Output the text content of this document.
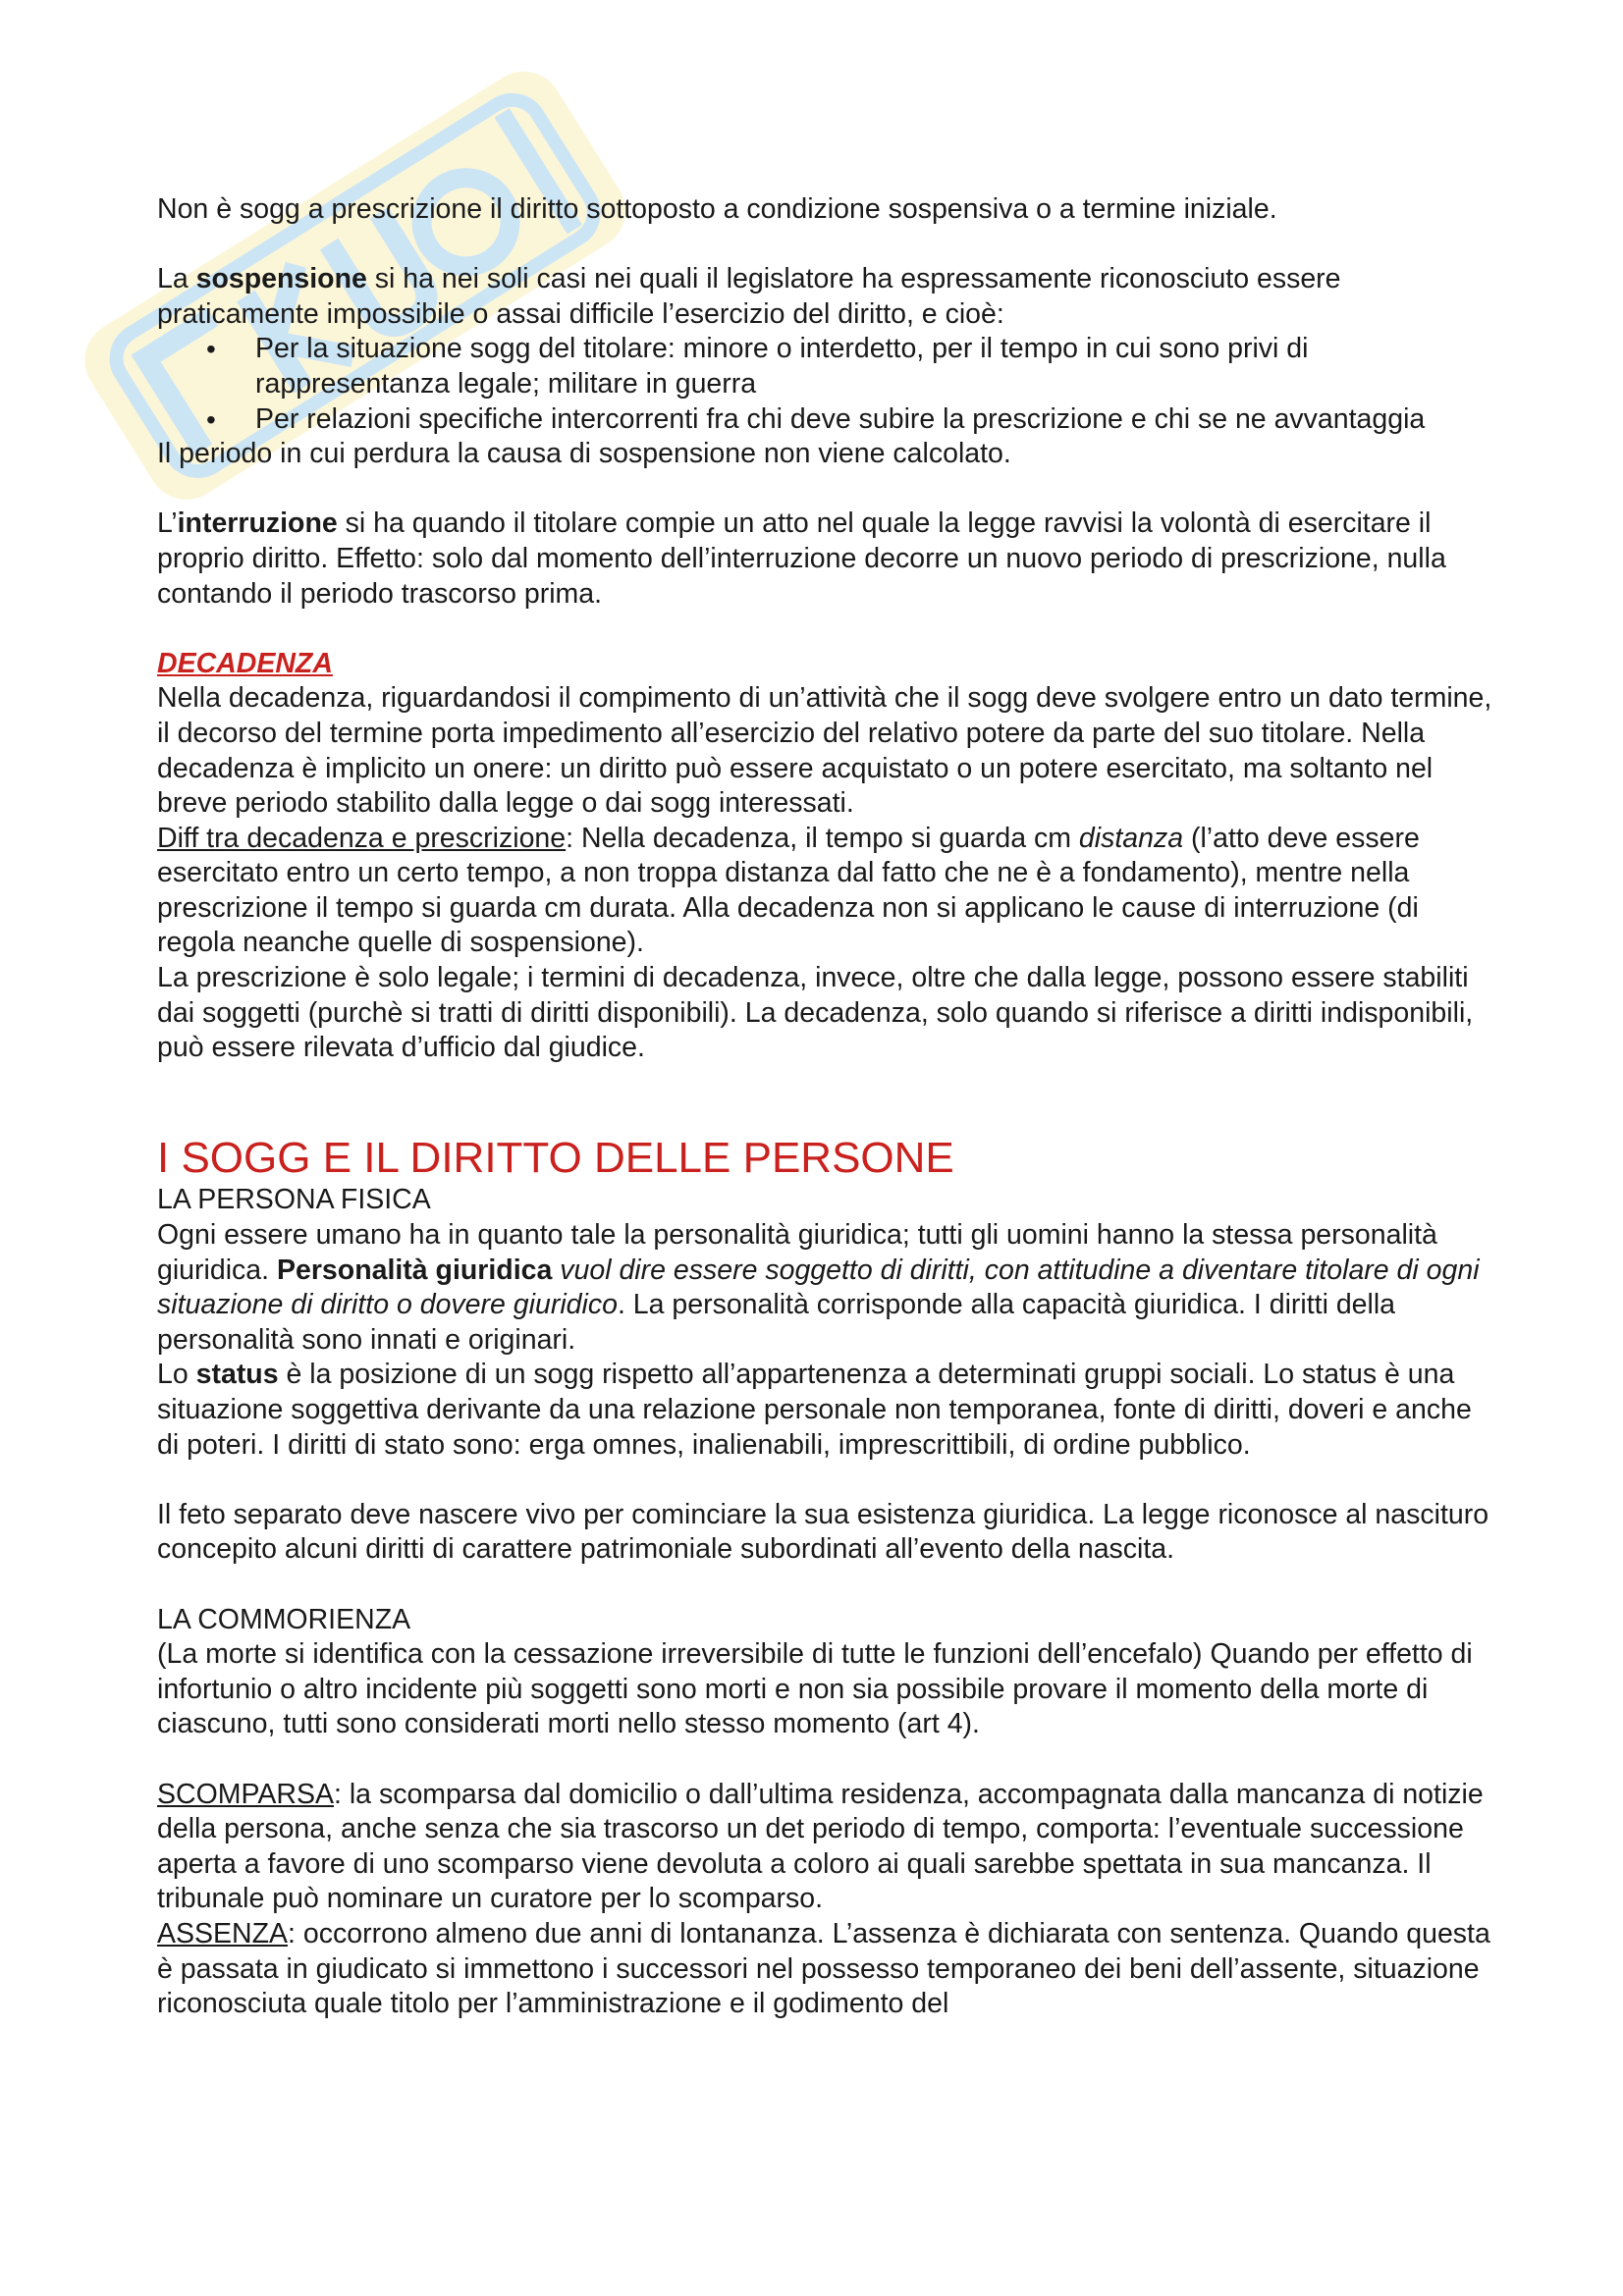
Non è sogg a prescrizione il diritto sottoposto a condizione sospensiva o a termine iniziale.

La sospensione si ha nei soli casi nei quali il legislatore ha espressamente riconosciuto essere praticamente impossibile o assai difficile l’esercizio del diritto, e cioè:

• Per la situazione sogg del titolare: minore o interdetto, per il tempo in cui sono privi di rappresentanza legale; militare in guerra
• Per relazioni specifiche intercorrenti fra chi deve subire la prescrizione e chi se ne avvantaggia

Il periodo in cui perdura la causa di sospensione non viene calcolato.

L’interruzione si ha quando il titolare compie un atto nel quale la legge ravvisi la volontà di esercitare il proprio diritto. Effetto: solo dal momento dell’interruzione decorre un nuovo periodo di prescrizione, nulla contando il periodo trascorso prima.

DECADENZA

Nella decadenza, riguardandosi il compimento di un’attività che il sogg deve svolgere entro un dato termine, il decorso del termine porta impedimento all’esercizio del relativo potere da parte del suo titolare. Nella decadenza è implicito un onere: un diritto può essere acquistato o un potere esercitato, ma soltanto nel breve periodo stabilito dalla legge o dai sogg interessati.

Diff tra decadenza e prescrizione: Nella decadenza, il tempo si guarda cm distanza (l’atto deve essere esercitato entro un certo tempo, a non troppa distanza dal fatto che ne è a fondamento), mentre nella prescrizione il tempo si guarda cm durata. Alla decadenza non si applicano le cause di interruzione (di regola neanche quelle di sospensione).

La prescrizione è solo legale; i termini di decadenza, invece, oltre che dalla legge, possono essere stabiliti dai soggetti (purchè si tratti di diritti disponibili). La decadenza, solo quando si riferisce a diritti indisponibili, può essere rilevata d’ufficio dal giudice.

I SOGG E IL DIRITTO DELLE PERSONE

LA PERSONA FISICA

Ogni essere umano ha in quanto tale la personalità giuridica; tutti gli uomini hanno la stessa personalità giuridica. Personalità giuridica vuol dire essere soggetto di diritti, con attitudine a diventare titolare di ogni situazione di diritto o dovere giuridico. La personalità corrisponde alla capacità giuridica. I diritti della personalità sono innati e originari.

Lo status è la posizione di un sogg rispetto all’appartenenza a determinati gruppi sociali. Lo status è una situazione soggettiva derivante da una relazione personale non temporanea, fonte di diritti, doveri e anche di poteri. I diritti di stato sono: erga omnes, inalienabili, imprescrittibili, di ordine pubblico.

Il feto separato deve nascere vivo per cominciare la sua esistenza giuridica. La legge riconosce al nascituro concepito alcuni diritti di carattere patrimoniale subordinati all’evento della nascita.

LA COMMORIENZA

(La morte si identifica con la cessazione irreversibile di tutte le funzioni dell’encefalo) Quando per effetto di infortunio o altro incidente più soggetti sono morti e non sia possibile provare il momento della morte di ciascuno, tutti sono considerati morti nello stesso momento (art 4).

SCOMPARSA: la scomparsa dal domicilio o dall’ultima residenza, accompagnata dalla mancanza di notizie della persona, anche senza che sia trascorso un det periodo di tempo, comporta: l’eventuale successione aperta a favore di uno scomparso viene devoluta a coloro ai quali sarebbe spettata in sua mancanza. Il tribunale può nominare un curatore per lo scomparso.

ASSENZA: occorrono almeno due anni di lontananza. L’assenza è dichiarata con sentenza. Quando questa è passata in giudicato si immettono i successori nel possesso temporaneo dei beni dell’assente, situazione riconosciuta quale titolo per l’amministrazione e il godimento del
